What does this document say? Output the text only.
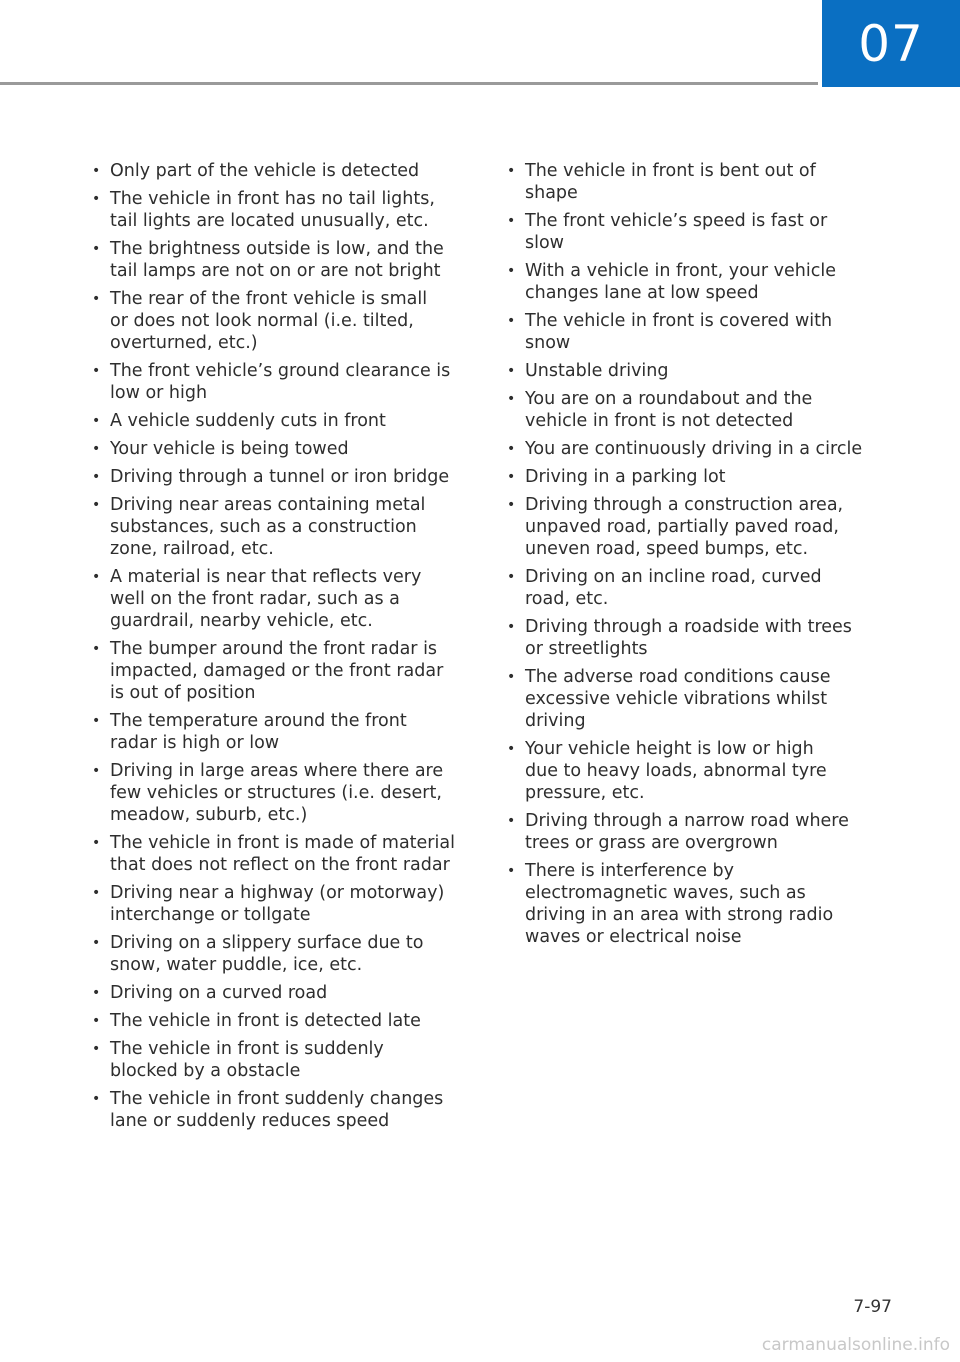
07
• Only part of the vehicle is detected
• The vehicle in front has no tail lights,
tail lights are located unusually, etc.
• The brightness outside is low, and the
tail lamps are not on or are not bright
• The rear of the front vehicle is small
or does not look normal (i.e. tilted,
overturned, etc.)
• The front vehicle’s ground clearance is
low or high
• A vehicle suddenly cuts in front
• Your vehicle is being towed
• Driving through a tunnel or iron bridge
• Driving near areas containing metal
substances, such as a construction
zone, railroad, etc.
• A material is near that reflects very
well on the front radar, such as a
guardrail, nearby vehicle, etc.
• The bumper around the front radar is
impacted, damaged or the front radar
is out of position
• The temperature around the front
radar is high or low
• Driving in large areas where there are
few vehicles or structures (i.e. desert,
meadow, suburb, etc.)
• The vehicle in front is made of material
that does not reflect on the front radar
• Driving near a highway (or motorway)
interchange or tollgate
• Driving on a slippery surface due to
snow, water puddle, ice, etc.
• Driving on a curved road
• The vehicle in front is detected late
• The vehicle in front is suddenly
blocked by a obstacle
• The vehicle in front suddenly changes
lane or suddenly reduces speed
• The vehicle in front is bent out of
shape
• The front vehicle’s speed is fast or
slow
• With a vehicle in front, your vehicle
changes lane at low speed
• The vehicle in front is covered with
snow
• Unstable driving
• You are on a roundabout and the
vehicle in front is not detected
• You are continuously driving in a circle
• Driving in a parking lot
• Driving through a construction area,
unpaved road, partially paved road,
uneven road, speed bumps, etc.
• Driving on an incline road, curved
road, etc.
• Driving through a roadside with trees
or streetlights
• The adverse road conditions cause
excessive vehicle vibrations whilst
driving
• Your vehicle height is low or high
due to heavy loads, abnormal tyre
pressure, etc.
• Driving through a narrow road where
trees or grass are overgrown
• There is interference by
electromagnetic waves, such as
driving in an area with strong radio
waves or electrical noise
7-97
carmanualsonline.info
